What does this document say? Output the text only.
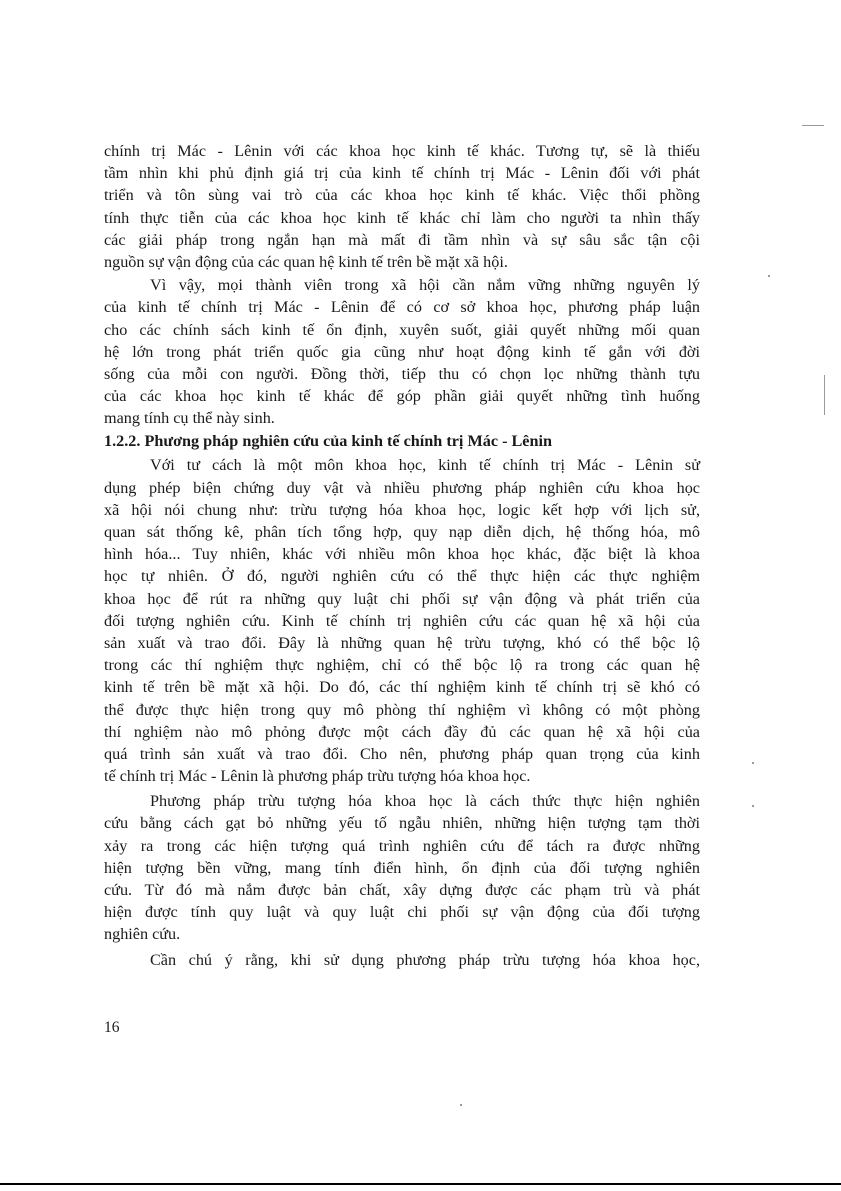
chính trị Mác - Lênin với các khoa học kinh tế khác. Tương tự, sẽ là thiếu
tầm nhìn khi phủ định giá trị của kinh tế chính trị Mác - Lênin đối với phát
triển và tôn sùng vai trò của các khoa học kinh tế khác. Việc thổi phồng
tính thực tiễn của các khoa học kinh tế khác chỉ làm cho người ta nhìn thấy
các giải pháp trong ngắn hạn mà mất đi tầm nhìn và sự sâu sắc tận cội
nguồn sự vận động của các quan hệ kinh tế trên bề mặt xã hội.
Vì vậy, mọi thành viên trong xã hội cần nắm vững những nguyên lý
của kinh tế chính trị Mác - Lênin để có cơ sở khoa học, phương pháp luận
cho các chính sách kinh tế ổn định, xuyên suốt, giải quyết những mối quan
hệ lớn trong phát triển quốc gia cũng như hoạt động kinh tế gắn với đời
sống của mỗi con người. Đồng thời, tiếp thu có chọn lọc những thành tựu
của các khoa học kinh tế khác để góp phần giải quyết những tình huống
mang tính cụ thể này sinh.
1.2.2. Phương pháp nghiên cứu của kinh tế chính trị Mác - Lênin
Với tư cách là một môn khoa học, kinh tế chính trị Mác - Lênin sử
dụng phép biện chứng duy vật và nhiều phương pháp nghiên cứu khoa học
xã hội nói chung như: trừu tượng hóa khoa học, logic kết hợp với lịch sử,
quan sát thống kê, phân tích tổng hợp, quy nạp diễn dịch, hệ thống hóa, mô
hình hóa... Tuy nhiên, khác với nhiều môn khoa học khác, đặc biệt là khoa
học tự nhiên. Ở đó, người nghiên cứu có thể thực hiện các thực nghiệm
khoa học để rút ra những quy luật chi phối sự vận động và phát triển của
đối tượng nghiên cứu. Kinh tế chính trị nghiên cứu các quan hệ xã hội của
sản xuất và trao đổi. Đây là những quan hệ trừu tượng, khó có thể bộc lộ
trong các thí nghiệm thực nghiệm, chỉ có thể bộc lộ ra trong các quan hệ
kinh tế trên bề mặt xã hội. Do đó, các thí nghiệm kinh tế chính trị sẽ khó có
thể được thực hiện trong quy mô phòng thí nghiệm vì không có một phòng
thí nghiệm nào mô phỏng được một cách đầy đủ các quan hệ xã hội của
quá trình sản xuất và trao đổi. Cho nên, phương pháp quan trọng của kinh
tế chính trị Mác - Lênin là phương pháp trừu tượng hóa khoa học.
Phương pháp trừu tượng hóa khoa học là cách thức thực hiện nghiên
cứu bằng cách gạt bỏ những yếu tố ngẫu nhiên, những hiện tượng tạm thời
xảy ra trong các hiện tượng quá trình nghiên cứu để tách ra được những
hiện tượng bền vững, mang tính điển hình, ổn định của đối tượng nghiên
cứu. Từ đó mà nắm được bản chất, xây dựng được các phạm trù và phát
hiện được tính quy luật và quy luật chi phối sự vận động của đối tượng
nghiên cứu.
Cần chú ý rằng, khi sử dụng phương pháp trừu tượng hóa khoa học,
16
